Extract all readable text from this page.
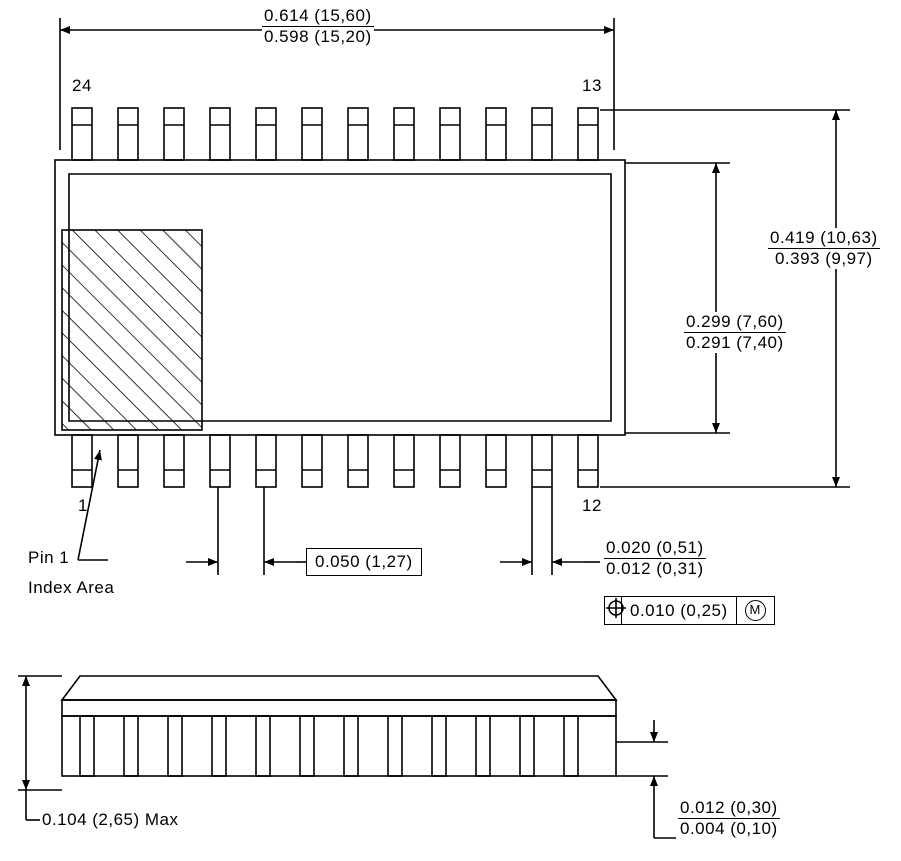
0.614 (15,60)
0.598 (15,20)
24	13
1	12
0.419 (10,63)
0.393 (9,97)
0.299 (7,60)
0.291 (7,40)
0.050 (1,27)
0.020 (0,51)
0.012 (0,31)
0.010 (0,25)	M
Pin 1
Index Area
0.104 (2,65) Max
0.012 (0,30)
0.004 (0,10)
